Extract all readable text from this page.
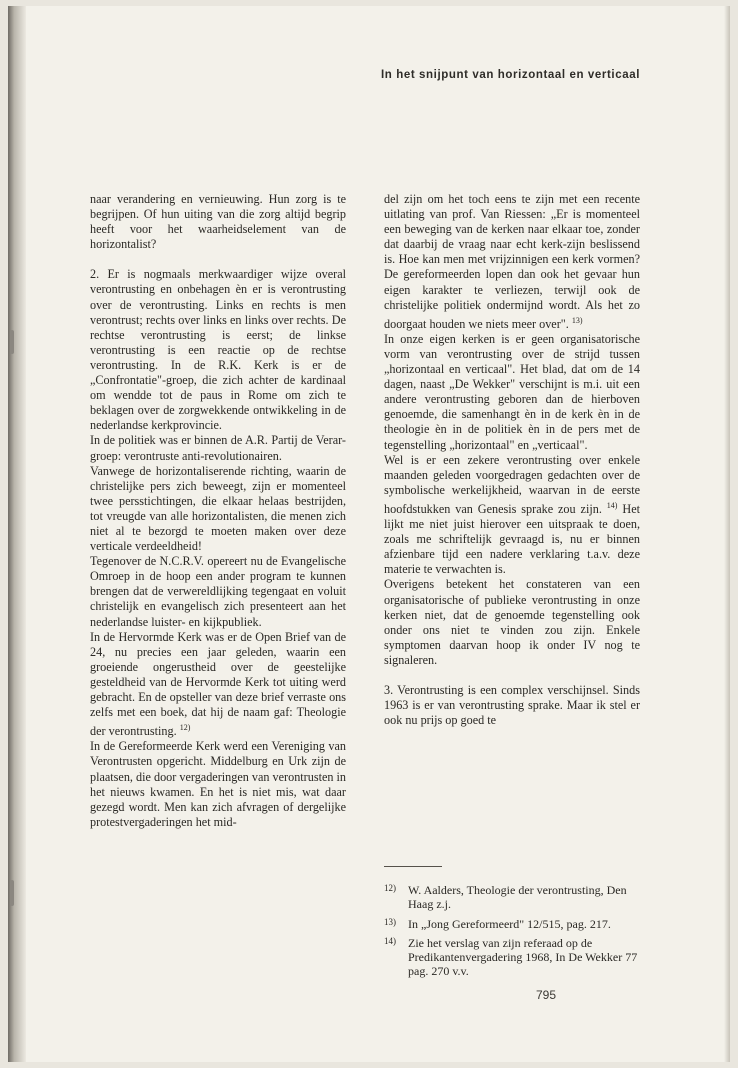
In het snijpunt van horizontaal en verticaal

naar verandering en vernieuwing. Hun zorg is te begrijpen. Of hun uiting van die zorg altijd begrip heeft voor het waarheidselement van de horizontalist?

2. Er is nogmaals merkwaardiger wijze overal verontrusting en onbehagen èn er is verontrusting over de verontrusting. Links en rechts is men verontrust; rechts over links en links over rechts. De rechtse verontrusting is eerst; de linkse verontrusting is een reactie op de rechtse verontrusting. In de R.K. Kerk is er de „Confrontatie"-groep, die zich achter de kardinaal om wendde tot de paus in Rome om zich te beklagen over de zorgwekkende ontwikkeling in de nederlandse kerkprovincie.

In de politiek was er binnen de A.R. Partij de Verar-groep: verontruste anti-revolutionairen.

Vanwege de horizontaliserende richting, waarin de christelijke pers zich beweegt, zijn er momenteel twee persstichtingen, die elkaar helaas bestrijden, tot vreugde van alle horizontalisten, die menen zich niet al te bezorgd te moeten maken over deze verticale verdeeldheid!

Tegenover de N.C.R.V. opereert nu de Evangelische Omroep in de hoop een ander program te kunnen brengen dat de verwereldlijking tegengaat en voluit christelijk en evangelisch zich presenteert aan het nederlandse luister- en kijkpubliek.

In de Hervormde Kerk was er de Open Brief van de 24, nu precies een jaar geleden, waarin een groeiende ongerustheid over de geestelijke gesteldheid van de Hervormde Kerk tot uiting werd gebracht. En de opsteller van deze brief verraste ons zelfs met een boek, dat hij de naam gaf: Theologie der verontrusting. $^{12)}$

In de Gereformeerde Kerk werd een Vereniging van Verontrusten opgericht. Middelburg en Urk zijn de plaatsen, die door vergaderingen van verontrusten in het nieuws kwamen. En het is niet mis, wat daar gezegd wordt. Men kan zich afvragen of dergelijke protestvergaderingen het mid-

del zijn om het toch eens te zijn met een recente uitlating van prof. Van Riessen: „Er is momenteel een beweging van de kerken naar elkaar toe, zonder dat daarbij de vraag naar echt kerk-zijn beslissend is. Hoe kan men met vrijzinnigen een kerk vormen? De gereformeerden lopen dan ook het gevaar hun eigen karakter te verliezen, terwijl ook de christelijke politiek ondermijnd wordt. Als het zo doorgaat houden we niets meer over". $^{13)}$

In onze eigen kerken is er geen organisatorische vorm van verontrusting over de strijd tussen „horizontaal en verticaal". Het blad, dat om de 14 dagen, naast „De Wekker" verschijnt is m.i. uit een andere verontrusting geboren dan de hierboven genoemde, die samenhangt èn in de kerk èn in de theologie èn in de politiek èn in de pers met de tegenstelling „horizontaal" en „verticaal".

Wel is er een zekere verontrusting over enkele maanden geleden voorgedragen gedachten over de symbolische werkelijkheid, waarvan in de eerste hoofdstukken van Genesis sprake zou zijn. $^{14)}$ Het lijkt me niet juist hierover een uitspraak te doen, zoals me schriftelijk gevraagd is, nu er binnen afzienbare tijd een nadere verklaring t.a.v. deze materie te verwachten is.

Overigens betekent het constateren van een organisatorische of publieke verontrusting in onze kerken niet, dat de genoemde tegenstelling ook onder ons niet te vinden zou zijn. Enkele symptomen daarvan hoop ik onder IV nog te signaleren.

3. Verontrusting is een complex verschijnsel. Sinds 1963 is er van verontrusting sprake. Maar ik stel er ook nu prijs op goed te

12)	W. Aalders, Theologie der verontrusting, Den Haag z.j.
13)	In „Jong Gereformeerd" 12/515, pag. 217.
14)	Zie het verslag van zijn referaad op de Predikantenvergadering 1968, In De Wekker 77 pag. 270 v.v.
795
